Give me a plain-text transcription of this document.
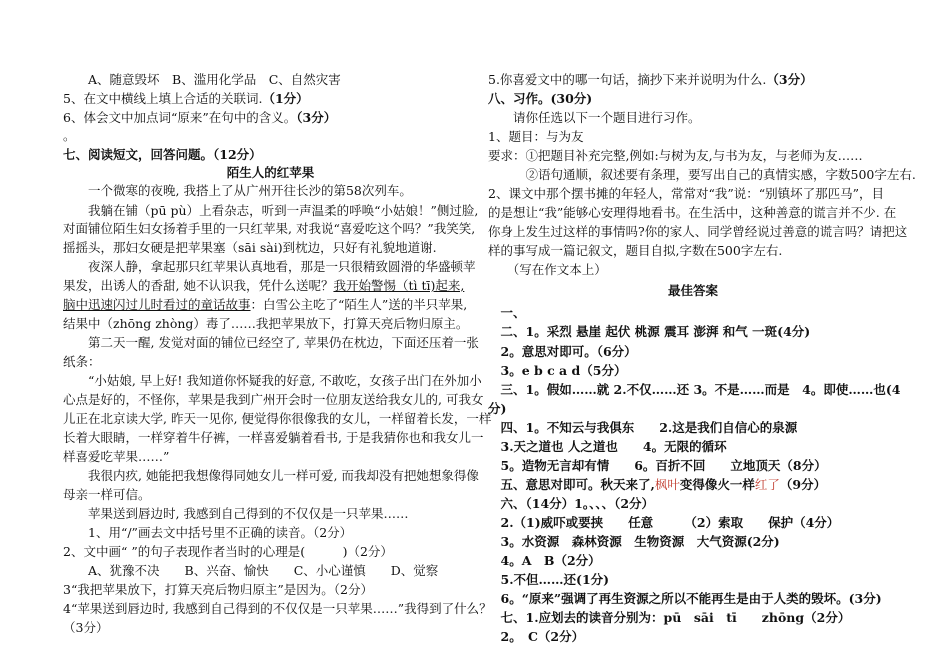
　　A、随意毁坏　B、滥用化学品　C、自然灾害
5、在文中横线上填上合适的关联词.（1分）
6、体会文中加点词“原来”在句中的含义。（3分）
。
七、阅读短文，回答问题。（12分）
陌生人的红苹果
　　一个微寒的夜晚, 我搭上了从广州开往长沙的第58次列车。
　　我躺在铺（pū pù）上看杂志，听到一声温柔的呼唤“小姑娘！”侧过脸,
对面铺位陌生妇女扬着手里的一只红苹果, 对我说“喜爱吃这个吗？”我笑笑,
摇摇头，那妇女硬是把苹果塞（sāi sài)到枕边，只好有礼貌地道谢.
　　夜深人静，拿起那只红苹果认真地看，那是一只很精致圆滑的华盛顿苹
果发，出诱人的香甜, 她不认识我，凭什么送呢？我开始警惕（tì tī)起来,
脑中迅速闪过儿时看过的童话故事：白雪公主吃了“陌生人”送的半只苹果,
结果中（zhōng zhòng）毒了……我把苹果放下，打算天亮后物归原主。
　　第二天一醒, 发觉对面的铺位已经空了, 苹果仍在枕边，下面还压着一张
纸条：
　　“小姑娘, 早上好! 我知道你怀疑我的好意, 不敢吃，女孩子出门在外加小
心点是好的，不怪你，苹果是我到广州开会时一位朋友送给我女儿的, 可我女
儿正在北京读大学, 昨天一见你, 便觉得你很像我的女儿，一样留着长发，一样
长着大眼睛，一样穿着牛仔裤，一样喜爱躺着看书, 于是我猜你也和我女儿一
样喜爱吃苹果……”
　　我很内疚, 她能把我想像得同她女儿一样可爱, 而我却没有把她想象得像
母亲一样可信。
　　苹果送到唇边时, 我感到自己得到的不仅仅是一只苹果……
　　1、用“/”画去文中括号里不正确的读音。（2分）
2、文中画“ ”的句子表现作者当时的心理是(　　　)（2分）
　　A、犹豫不决　　B、兴奋、愉快　　C、小心谨慎　　D、觉察
3“我把苹果放下，打算天亮后物归原主”是因为。（2分）
4“苹果送到唇边时, 我感到自己得到的不仅仅是一只苹果……”我得到了什么？
（3分）
5.你喜爱文中的哪一句话，摘抄下来并说明为什么.（3分）
八、习作。(30分)
　　请你任选以下一个题目进行习作。
1、题目：与为友
要求：①把题目补充完整,例如:与树为友,与书为友，与老师为友……
　　　②语句通顺，叙述要有条理，要写出自己的真情实感，字数500字左右.
2、课文中那个摆书摊的年轻人，常常对“我”说：“别镇坏了那匹马”，目
的是想让“我”能够心安理得地看书。在生活中，这种善意的谎言并不少. 在
你身上发生过这样的事情吗?你的家人、同学曾经说过善意的谎言吗？请把这
样的事写成一篇记叙文，题目自拟,字数在500字左右.
　　（写在作文本上）
最佳答案
　一、
　二、1。采烈 悬崖 起伏 桃源 震耳 澎湃 和气 一斑(4分)
　2。意思对即可。（6分）
　3。e b c a d（5分）
　三、1。假如……就 2.不仅……还 3。不是……而是　4。即使……也(4
分)
　四、1。不知云与我俱东　　2.这是我们自信心的泉源
　3.天之道也 人之道也　　4。无限的循环
　5。造物无言却有情　　6。百折不回　　立地顶天（8分）
　五、意思对即可。秋天来了,枫叶变得像火一样红了（9分）
　六、（14分）1。、、、（2分）
　2.（1)威吓或要挟　　任意　　　（2）索取　　保护（4分）
　3。水资源　森林资源　生物资源　大气资源(2分)
　4。A　B（2分）
　5.不但……还(1分)
　6。“原来”强调了再生资源之所以不能再生是由于人类的毁坏。(3分)
　七、1.应划去的读音分别为：pū　sāi　tī　　zhōng（2分）
　2。　C（2分）
